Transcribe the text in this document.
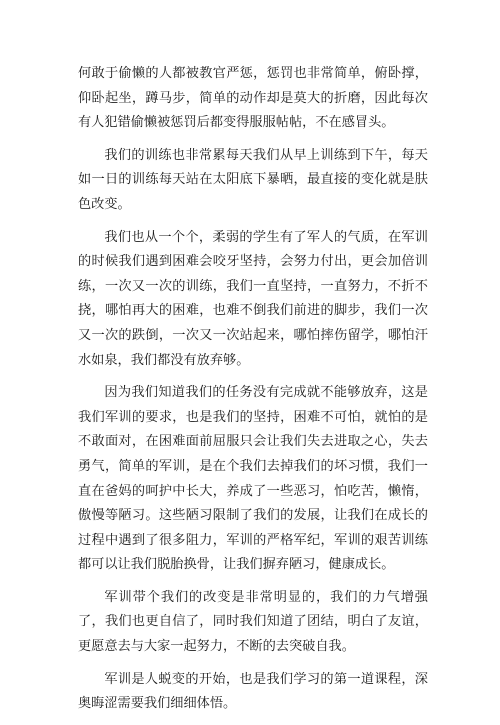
何敢于偷懒的人都被教官严惩，惩罚也非常简单，俯卧撑，仰卧起坐，蹲马步，简单的动作却是莫大的折磨，因此每次有人犯错偷懒被惩罚后都变得服服帖帖，不在感冒头。

我们的训练也非常累每天我们从早上训练到下午，每天如一日的训练每天站在太阳底下暴晒，最直接的变化就是肤色改变。

我们也从一个个，柔弱的学生有了军人的气质，在军训的时候我们遇到困难会咬牙坚持，会努力付出，更会加倍训练，一次又一次的训练，我们一直坚持，一直努力，不折不挠，哪怕再大的困难，也难不倒我们前进的脚步，我们一次又一次的跌倒，一次又一次站起来，哪怕摔伤留学，哪怕汗水如泉，我们都没有放弃够。

因为我们知道我们的任务没有完成就不能够放弃，这是我们军训的要求，也是我们的坚持，困难不可怕，就怕的是不敢面对，在困难面前屈服只会让我们失去进取之心，失去勇气，简单的军训，是在个我们去掉我们的坏习惯，我们一直在爸妈的呵护中长大，养成了一些恶习，怕吃苦，懒惰，傲慢等陋习。这些陋习限制了我们的发展，让我们在成长的过程中遇到了很多阻力，军训的严格军纪，军训的艰苦训练都可以让我们脱胎换骨，让我们摒弃陋习，健康成长。

军训带个我们的改变是非常明显的，我们的力气增强了，我们也更自信了，同时我们知道了团结，明白了友谊，更愿意去与大家一起努力，不断的去突破自我。

军训是人蜕变的开始，也是我们学习的第一道课程，深奥晦涩需要我们细细体悟。
